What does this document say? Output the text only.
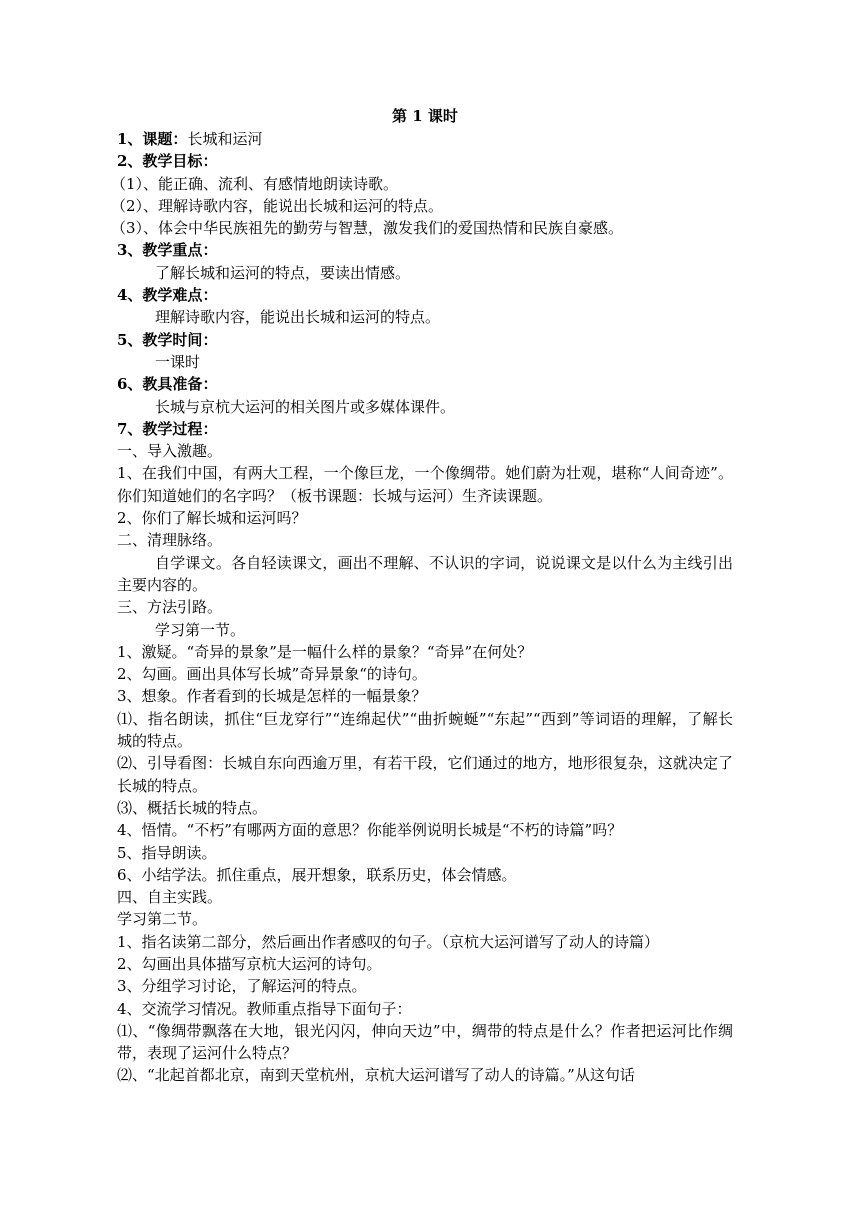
第 1 课时
1、课题：长城和运河
2、教学目标：
（1）、能正确、流利、有感情地朗读诗歌。
（2）、理解诗歌内容，能说出长城和运河的特点。
（3）、体会中华民族祖先的勤劳与智慧，激发我们的爱国热情和民族自豪感。
3、教学重点：
了解长城和运河的特点，要读出情感。
4、教学难点：
理解诗歌内容，能说出长城和运河的特点。
5、教学时间：
一课时
6、教具准备：
长城与京杭大运河的相关图片或多媒体课件。
7、教学过程：
一、导入激趣。
1、在我们中国，有两大工程，一个像巨龙，一个像绸带。她们蔚为壮观，堪称“人间奇迹”。你们知道她们的名字吗？（板书课题：长城与运河）生齐读课题。
2、你们了解长城和运河吗？
二、清理脉络。
自学课文。各自轻读课文，画出不理解、不认识的字词，说说课文是以什么为主线引出主要内容的。
三、方法引路。
学习第一节。
1、激疑。“奇异的景象”是一幅什么样的景象？“奇异”在何处？
2、勾画。画出具体写长城”奇异景象“的诗句。
3、想象。作者看到的长城是怎样的一幅景象？
⑴、指名朗读，抓住“巨龙穿行”“连绵起伏”“曲折蜿蜒”“东起”“西到”等词语的理解，了解长城的特点。
⑵、引导看图：长城自东向西逾万里，有若干段，它们通过的地方，地形很复杂，这就决定了长城的特点。
⑶、概括长城的特点。
4、悟情。“不朽”有哪两方面的意思？你能举例说明长城是“不朽的诗篇”吗？
5、指导朗读。
6、小结学法。抓住重点，展开想象，联系历史，体会情感。
四、自主实践。
学习第二节。
1、指名读第二部分，然后画出作者感叹的句子。（京杭大运河谱写了动人的诗篇）
2、勾画出具体描写京杭大运河的诗句。
3、分组学习讨论，了解运河的特点。
4、交流学习情况。教师重点指导下面句子：
⑴、“像绸带飘落在大地，银光闪闪，伸向天边”中，绸带的特点是什么？作者把运河比作绸带，表现了运河什么特点？
⑵、“北起首都北京，南到天堂杭州，京杭大运河谱写了动人的诗篇。”从这句话
